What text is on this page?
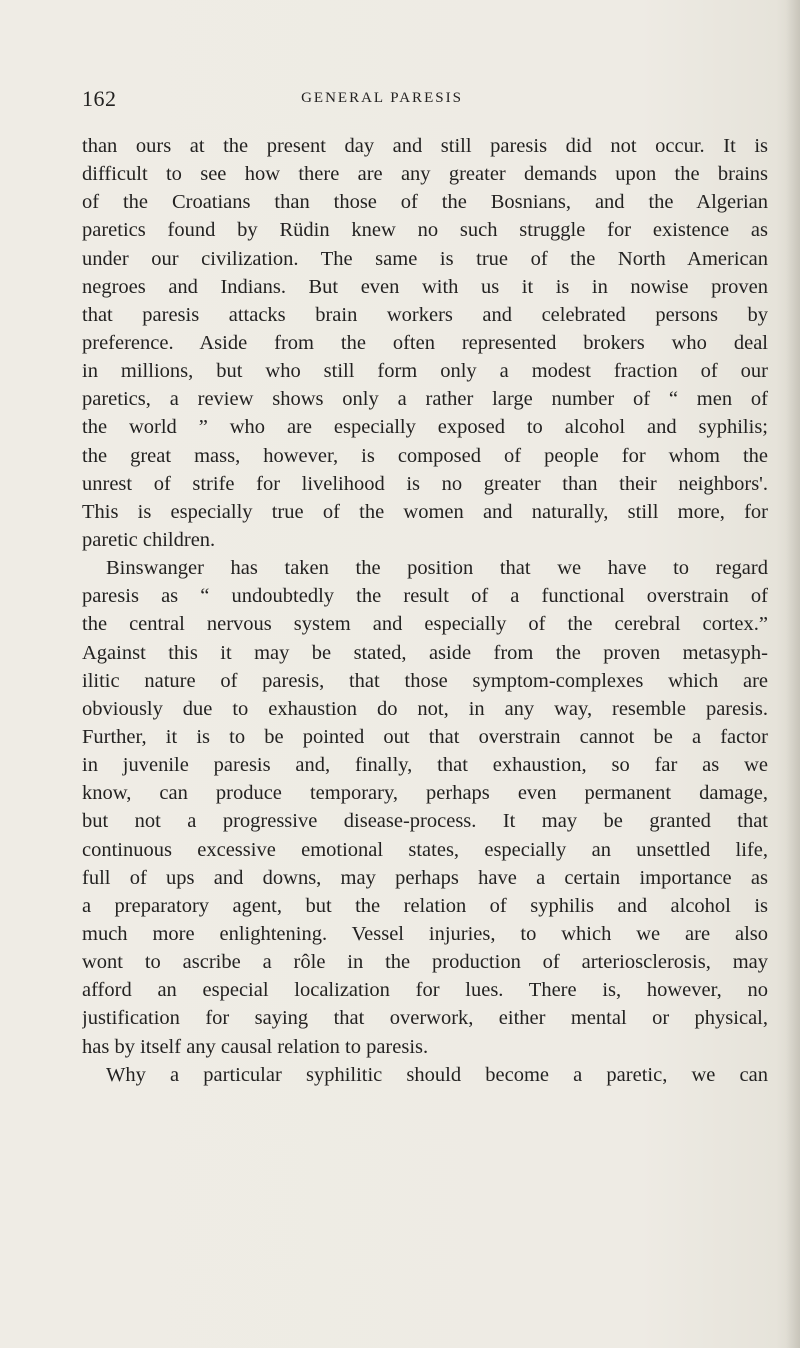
162	GENERAL PARESIS
than ours at the present day and still paresis did not occur. It is
difficult to see how there are any greater demands upon the brains
of the Croatians than those of the Bosnians, and the Algerian
paretics found by Rüdin knew no such struggle for existence as
under our civilization. The same is true of the North American
negroes and Indians. But even with us it is in nowise proven
that paresis attacks brain workers and celebrated persons by
preference. Aside from the often represented brokers who deal
in millions, but who still form only a modest fraction of our
paretics, a review shows only a rather large number of “ men of
the world ” who are especially exposed to alcohol and syphilis;
the great mass, however, is composed of people for whom the
unrest of strife for livelihood is no greater than their neighbors'.
This is especially true of the women and naturally, still more, for
paretic children.
Binswanger has taken the position that we have to regard
paresis as “ undoubtedly the result of a functional overstrain of
the central nervous system and especially of the cerebral cortex.”
Against this it may be stated, aside from the proven metasyph-
ilitic nature of paresis, that those symptom-complexes which are
obviously due to exhaustion do not, in any way, resemble paresis.
Further, it is to be pointed out that overstrain cannot be a factor
in juvenile paresis and, finally, that exhaustion, so far as we
know, can produce temporary, perhaps even permanent damage,
but not a progressive disease-process. It may be granted that
continuous excessive emotional states, especially an unsettled life,
full of ups and downs, may perhaps have a certain importance as
a preparatory agent, but the relation of syphilis and alcohol is
much more enlightening. Vessel injuries, to which we are also
wont to ascribe a rôle in the production of arteriosclerosis, may
afford an especial localization for lues. There is, however, no
justification for saying that overwork, either mental or physical,
has by itself any causal relation to paresis.
Why a particular syphilitic should become a paretic, we can
